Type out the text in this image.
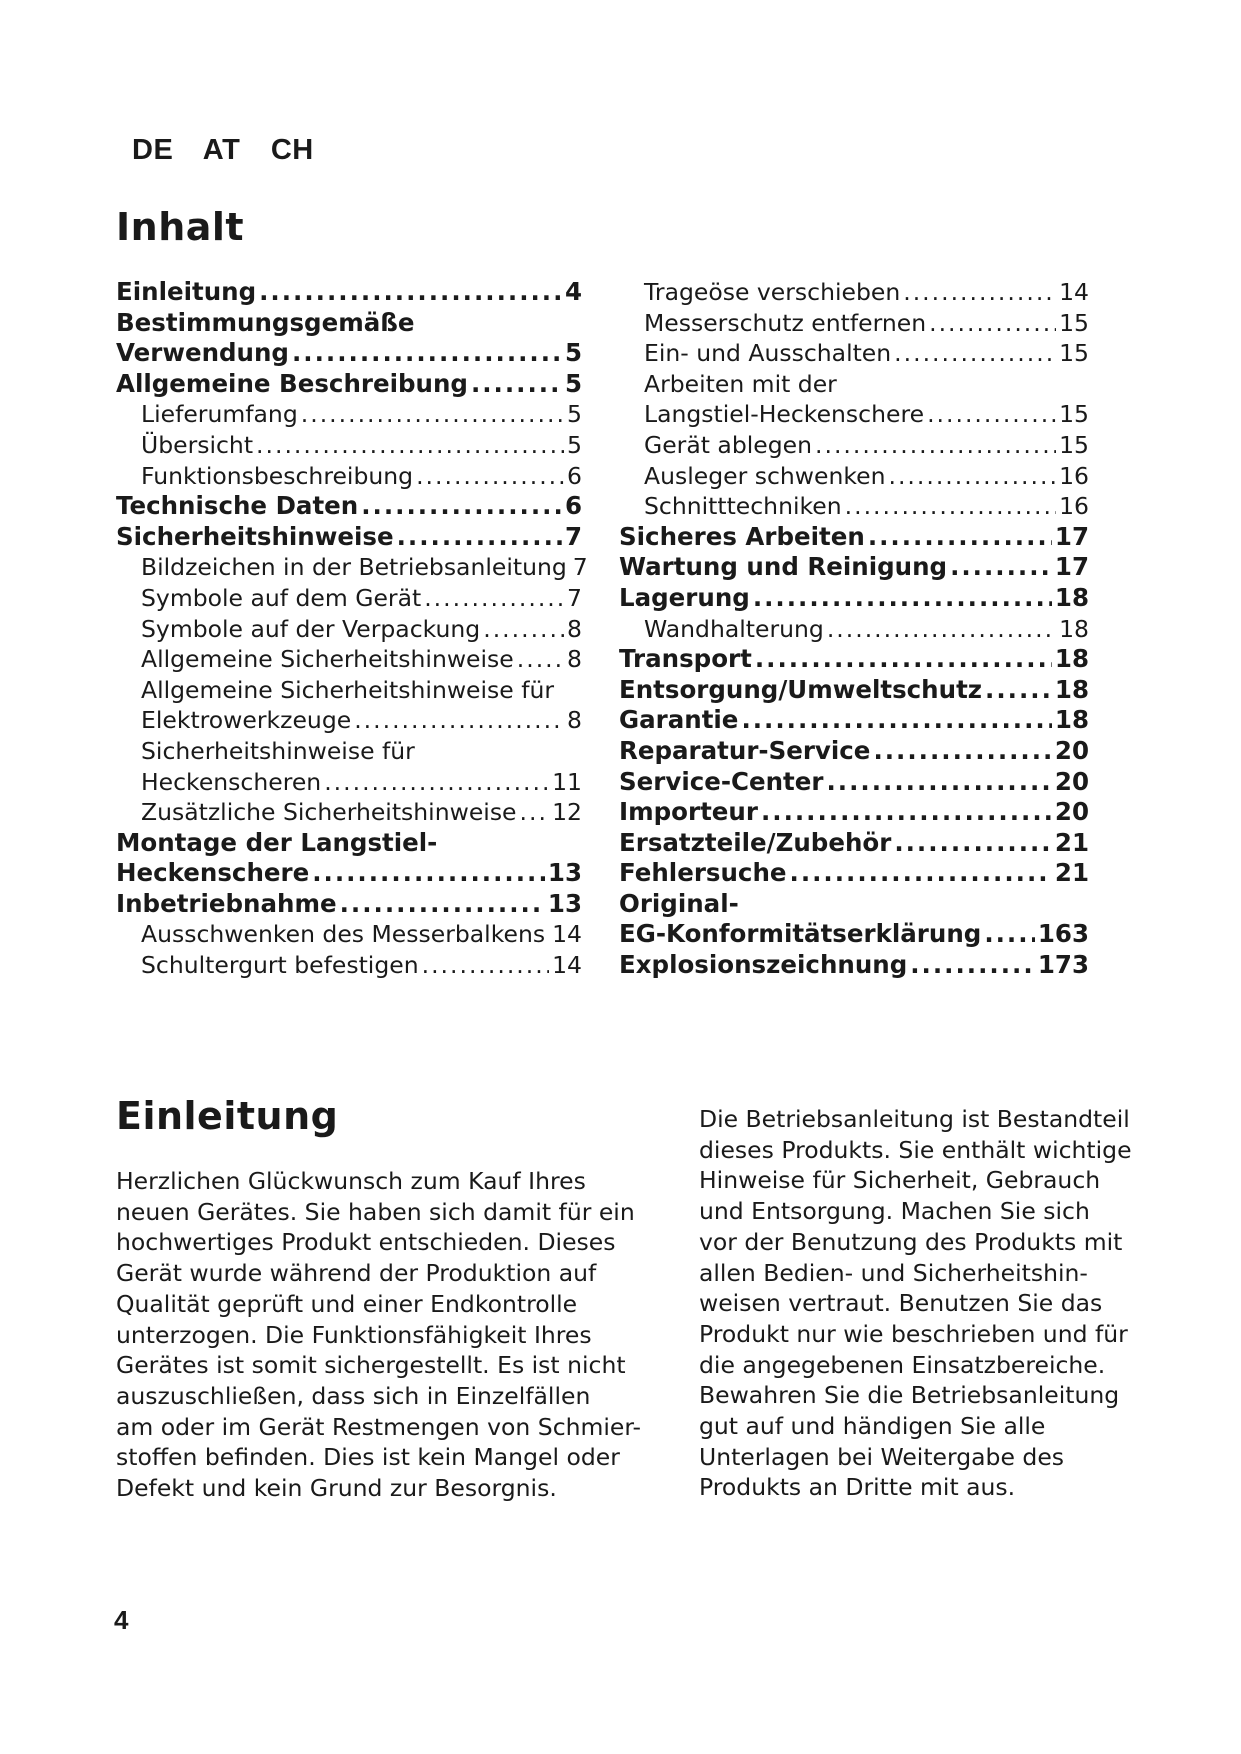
DE AT CH
Inhalt
Einleitung .....	4
Bestimmungsgemäße
Verwendung .....	5
Allgemeine Beschreibung .....	5
Lieferumfang .....	5
Übersicht .....	5
Funktionsbeschreibung .....	6
Technische Daten .....	6
Sicherheitshinweise .....	7
Bildzeichen in der Betriebsanleitung 7
Symbole auf dem Gerät .....	7
Symbole auf der Verpackung .....	8
Allgemeine Sicherheitshinweise ..... 8
Allgemeine Sicherheitshinweise für
Elektrowerkzeuge .....	8
Sicherheitshinweise für
Heckenscheren .....	11
Zusätzliche Sicherheitshinweise ..... 12
Montage der Langstiel-
Heckenschere .....	13
Inbetriebnahme .....	13
Ausschwenken des Messerbalkens ..... 14
Schultergurt befestigen .....	14
Trageöse verschieben .....	14
Messerschutz entfernen .....	15
Ein- und Ausschalten .....	15
Arbeiten mit der
Langstiel-Heckenschere .....	15
Gerät ablegen .....	15
Ausleger schwenken .....	16
Schnitttechniken .....	16
Sicheres Arbeiten .....	17
Wartung und Reinigung .....	17
Lagerung .....	18
Wandhalterung .....	18
Transport .....	18
Entsorgung/Umweltschutz .....	18
Garantie .....	18
Reparatur-Service .....	20
Service-Center .....	20
Importeur .....	20
Ersatzteile/Zubehör .....	21
Fehlersuche .....	21
Original-
EG-Konformitätserklärung ..... 163
Explosionszeichnung .....	173
Einleitung
Herzlichen Glückwunsch zum Kauf Ihres
neuen Gerätes. Sie haben sich damit für ein
hochwertiges Produkt entschieden. Dieses
Gerät wurde während der Produktion auf
Qualität geprüft und einer Endkontrolle
unterzogen. Die Funktionsfähigkeit Ihres
Gerätes ist somit sichergestellt. Es ist nicht
auszuschließen, dass sich in Einzelfällen
am oder im Gerät Restmengen von Schmier-
stoffen befinden. Dies ist kein Mangel oder
Defekt und kein Grund zur Besorgnis.
Die Betriebsanleitung ist Bestandteil
dieses Produkts. Sie enthält wichtige
Hinweise für Sicherheit, Gebrauch
und Entsorgung. Machen Sie sich
vor der Benutzung des Produkts mit
allen Bedien- und Sicherheitshin-
weisen vertraut. Benutzen Sie das
Produkt nur wie beschrieben und für
die angegebenen Einsatzbereiche.
Bewahren Sie die Betriebsanleitung
gut auf und händigen Sie alle
Unterlagen bei Weitergabe des
Produkts an Dritte mit aus.
4
